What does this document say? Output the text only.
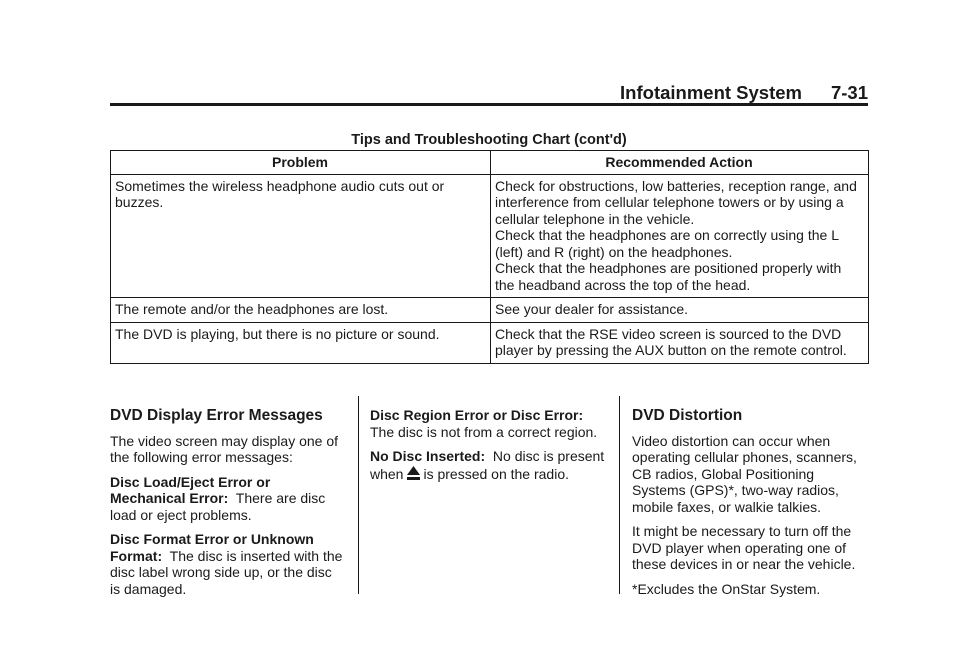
Infotainment System 7-31
Tips and Troubleshooting Chart (cont'd)
Problem	Recommended Action
Sometimes the wireless headphone audio cuts out or buzzes.	Check for obstructions, low batteries, reception range, and interference from cellular telephone towers or by using a cellular telephone in the vehicle.
Check that the headphones are on correctly using the L (left) and R (right) on the headphones.
Check that the headphones are positioned properly with the headband across the top of the head.

The remote and/or the headphones are lost.	See your dealer for assistance.

The DVD is playing, but there is no picture or sound.	Check that the RSE video screen is sourced to the DVD player by pressing the AUX button on the remote control.
DVD Display Error Messages

The video screen may display one of the following error messages:

Disc Load/Eject Error or Mechanical Error: There are disc load or eject problems.

Disc Format Error or Unknown Format: The disc is inserted with the disc label wrong side up, or the disc is damaged.

Disc Region Error or Disc Error:
The disc is not from a correct region.

No Disc Inserted: No disc is present when is pressed on the radio.

DVD Distortion

Video distortion can occur when operating cellular phones, scanners, CB radios, Global Positioning Systems (GPS)*, two-way radios, mobile faxes, or walkie talkies.

It might be necessary to turn off the DVD player when operating one of these devices in or near the vehicle.

*Excludes the OnStar System.
